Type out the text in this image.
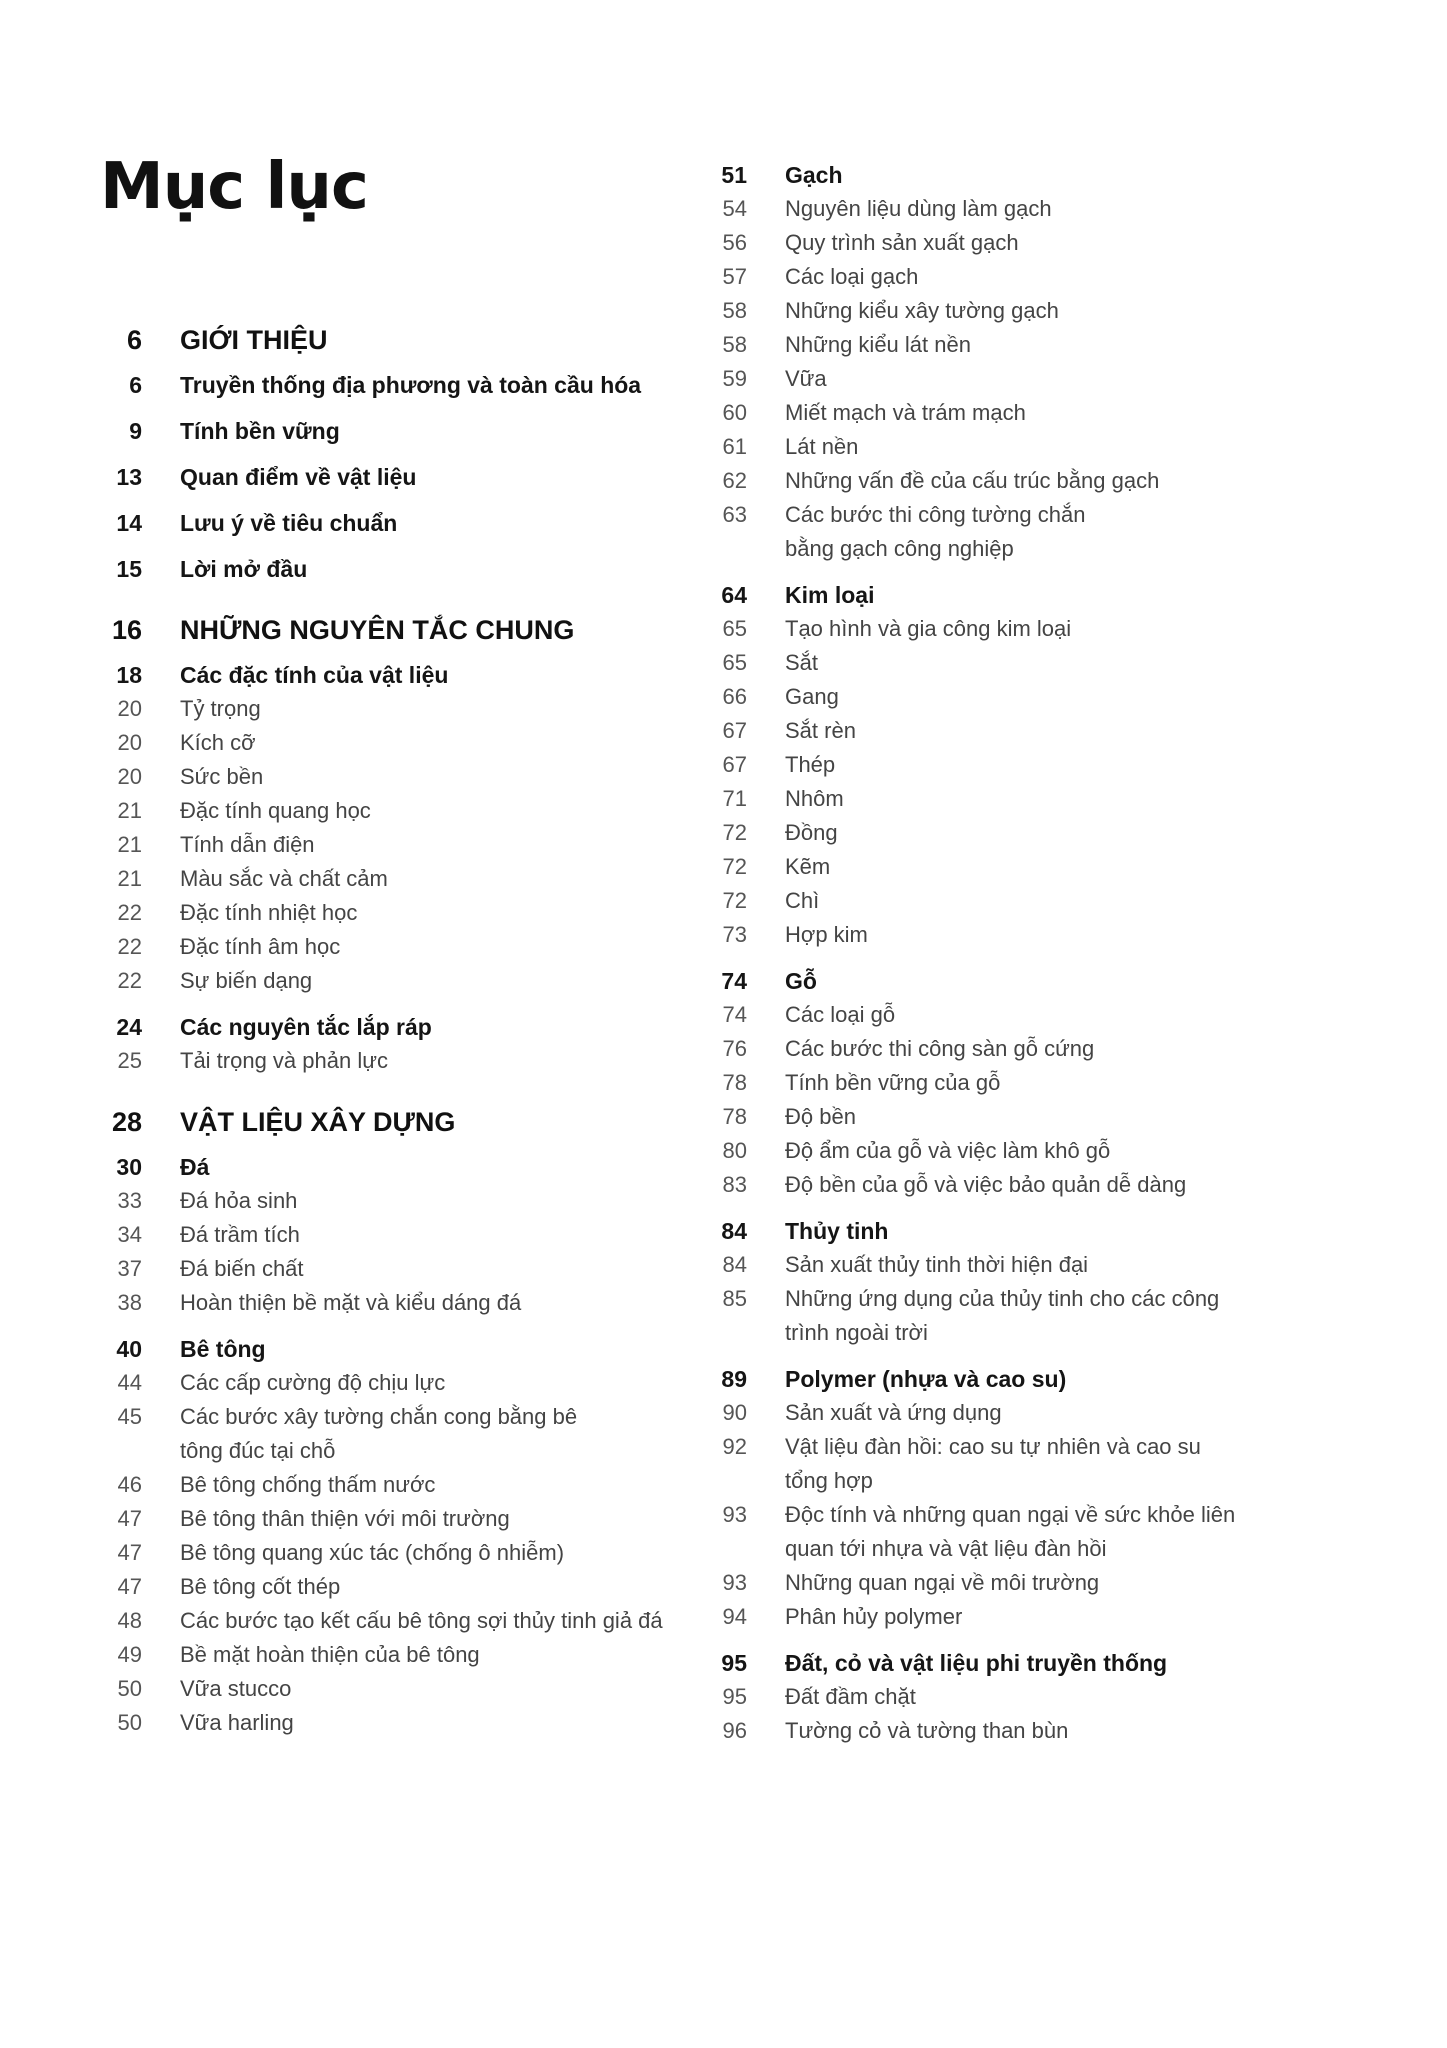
Mục lục
6 GIỚI THIỆU
6 Truyền thống địa phương và toàn cầu hóa
9 Tính bền vững
13 Quan điểm về vật liệu
14 Lưu ý về tiêu chuẩn
15 Lời mở đầu
16 NHỮNG NGUYÊN TẮC CHUNG
18 Các đặc tính của vật liệu
20 Tỷ trọng
20 Kích cỡ
20 Sức bền
21 Đặc tính quang học
21 Tính dẫn điện
21 Màu sắc và chất cảm
22 Đặc tính nhiệt học
22 Đặc tính âm học
22 Sự biến dạng
24 Các nguyên tắc lắp ráp
25 Tải trọng và phản lực
28 VẬT LIỆU XÂY DỰNG
30 Đá
33 Đá hỏa sinh
34 Đá trầm tích
37 Đá biến chất
38 Hoàn thiện bề mặt và kiểu dáng đá
40 Bê tông
44 Các cấp cường độ chịu lực
45 Các bước xây tường chắn cong bằng bê
tông đúc tại chỗ
46 Bê tông chống thấm nước
47 Bê tông thân thiện với môi trường
47 Bê tông quang xúc tác (chống ô nhiễm)
47 Bê tông cốt thép
48 Các bước tạo kết cấu bê tông sợi thủy tinh giả đá
49 Bề mặt hoàn thiện của bê tông
50 Vữa stucco
50 Vữa harling
51 Gạch
54 Nguyên liệu dùng làm gạch
56 Quy trình sản xuất gạch
57 Các loại gạch
58 Những kiểu xây tường gạch
58 Những kiểu lát nền
59 Vữa
60 Miết mạch và trám mạch
61 Lát nền
62 Những vấn đề của cấu trúc bằng gạch
63 Các bước thi công tường chắn
bằng gạch công nghiệp
64 Kim loại
65 Tạo hình và gia công kim loại
65 Sắt
66 Gang
67 Sắt rèn
67 Thép
71 Nhôm
72 Đồng
72 Kẽm
72 Chì
73 Hợp kim
74 Gỗ
74 Các loại gỗ
76 Các bước thi công sàn gỗ cứng
78 Tính bền vững của gỗ
78 Độ bền
80 Độ ẩm của gỗ và việc làm khô gỗ
83 Độ bền của gỗ và việc bảo quản dễ dàng
84 Thủy tinh
84 Sản xuất thủy tinh thời hiện đại
85 Những ứng dụng của thủy tinh cho các công
trình ngoài trời
89 Polymer (nhựa và cao su)
90 Sản xuất và ứng dụng
92 Vật liệu đàn hồi: cao su tự nhiên và cao su
tổng hợp
93 Độc tính và những quan ngại về sức khỏe liên
quan tới nhựa và vật liệu đàn hồi
93 Những quan ngại về môi trường
94 Phân hủy polymer
95 Đất, cỏ và vật liệu phi truyền thống
95 Đất đầm chặt
96 Tường cỏ và tường than bùn
